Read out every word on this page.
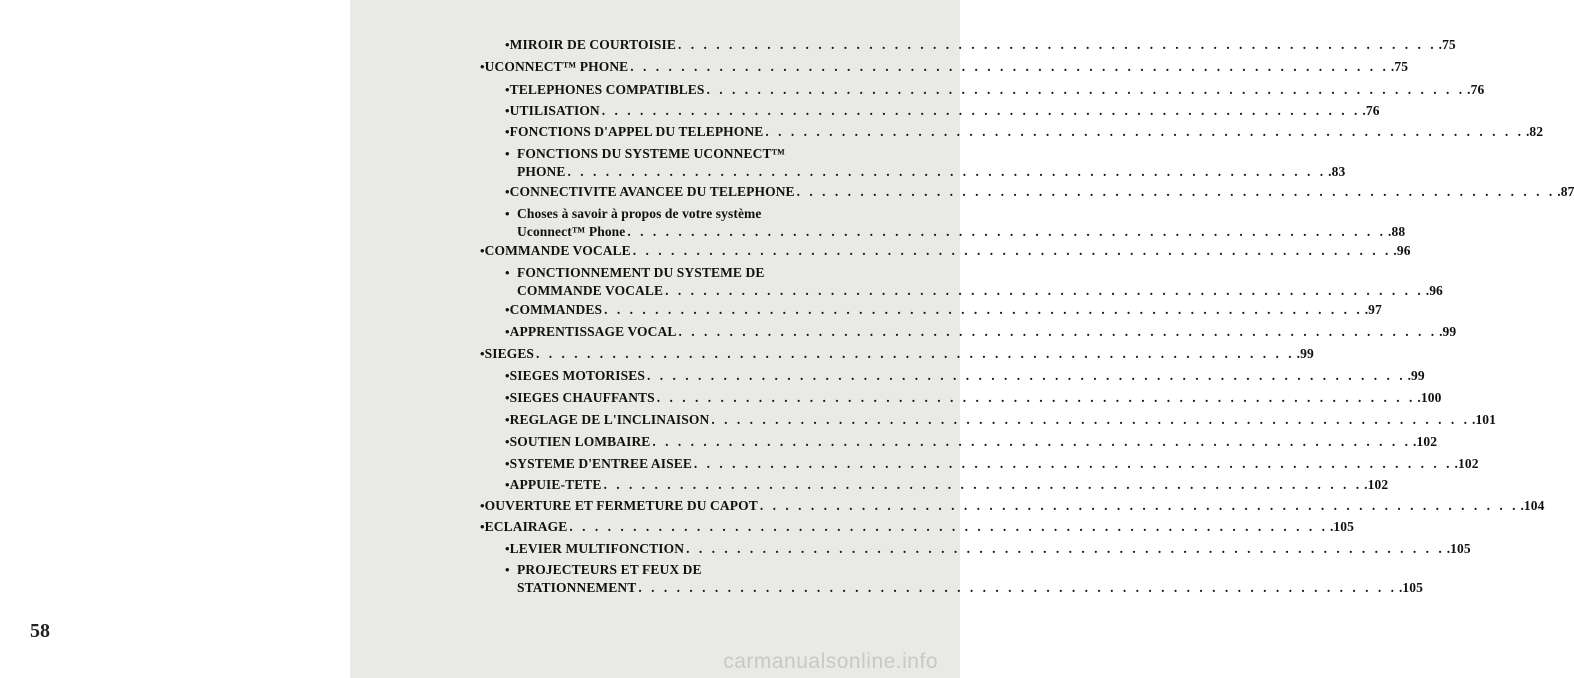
58
• MIROIR DE COURTOISIE . . . . . . . . . . . . . . . . . . . . . . . . . . . . . . . . . . . . . . . . . . . . . . . . . . . . . . . . . . . . .75
• UCONNECT™ PHONE . . . . . . . . . . . . . . . . . . . . . . . . . . . . . . . . . . . . . . . . . . . . . . . . . . . . . . . . . . . . .75
• TELEPHONES COMPATIBLES . . . . . . . . . . . . . . . . . . . . . . . . . . . . . . . . . . . . . . . . . . . . . . . . . . . . . . . . . . . . .76
• UTILISATION . . . . . . . . . . . . . . . . . . . . . . . . . . . . . . . . . . . . . . . . . . . . . . . . . . . . . . . . . . . . .76
• FONCTIONS D'APPEL DU TELEPHONE . . . . . . . . . . . . . . . . . . . . . . . . . . . . . . . . . . . . . . . . . . . . . . . . . . . . . . . . . . . . .82
• FONCTIONS DU SYSTEME UCONNECT™
PHONE . . . . . . . . . . . . . . . . . . . . . . . . . . . . . . . . . . . . . . . . . . . . . . . . . . . . . . . . . . . . .83
• CONNECTIVITE AVANCEE DU TELEPHONE . . . . . . . . . . . . . . . . . . . . . . . . . . . . . . . . . . . . . . . . . . . . . . . . . . . . . . . . . . . . .87
• Choses à savoir à propos de votre système
Uconnect™ Phone . . . . . . . . . . . . . . . . . . . . . . . . . . . . . . . . . . . . . . . . . . . . . . . . . . . . . . . . . . . . .88
• COMMANDE VOCALE . . . . . . . . . . . . . . . . . . . . . . . . . . . . . . . . . . . . . . . . . . . . . . . . . . . . . . . . . . . . .96
• FONCTIONNEMENT DU SYSTEME DE
COMMANDE VOCALE . . . . . . . . . . . . . . . . . . . . . . . . . . . . . . . . . . . . . . . . . . . . . . . . . . . . . . . . . . . . .96
• COMMANDES . . . . . . . . . . . . . . . . . . . . . . . . . . . . . . . . . . . . . . . . . . . . . . . . . . . . . . . . . . . . .97
• APPRENTISSAGE VOCAL . . . . . . . . . . . . . . . . . . . . . . . . . . . . . . . . . . . . . . . . . . . . . . . . . . . . . . . . . . . . .99
• SIEGES . . . . . . . . . . . . . . . . . . . . . . . . . . . . . . . . . . . . . . . . . . . . . . . . . . . . . . . . . . . . .99
• SIEGES MOTORISES . . . . . . . . . . . . . . . . . . . . . . . . . . . . . . . . . . . . . . . . . . . . . . . . . . . . . . . . . . . . .99
• SIEGES CHAUFFANTS . . . . . . . . . . . . . . . . . . . . . . . . . . . . . . . . . . . . . . . . . . . . . . . . . . . . . . . . . . . . .100
• REGLAGE DE L'INCLINAISON . . . . . . . . . . . . . . . . . . . . . . . . . . . . . . . . . . . . . . . . . . . . . . . . . . . . . . . . . . . . .101
• SOUTIEN LOMBAIRE . . . . . . . . . . . . . . . . . . . . . . . . . . . . . . . . . . . . . . . . . . . . . . . . . . . . . . . . . . . . .102
• SYSTEME D'ENTREE AISEE . . . . . . . . . . . . . . . . . . . . . . . . . . . . . . . . . . . . . . . . . . . . . . . . . . . . . . . . . . . . .102
• APPUIE-TETE . . . . . . . . . . . . . . . . . . . . . . . . . . . . . . . . . . . . . . . . . . . . . . . . . . . . . . . . . . . . .102
• OUVERTURE ET FERMETURE DU CAPOT . . . . . . . . . . . . . . . . . . . . . . . . . . . . . . . . . . . . . . . . . . . . . . . . . . . . . . . . . . . . .104
• ECLAIRAGE . . . . . . . . . . . . . . . . . . . . . . . . . . . . . . . . . . . . . . . . . . . . . . . . . . . . . . . . . . . . .105
• LEVIER MULTIFONCTION . . . . . . . . . . . . . . . . . . . . . . . . . . . . . . . . . . . . . . . . . . . . . . . . . . . . . . . . . . . . .105
• PROJECTEURS ET FEUX DE
STATIONNEMENT . . . . . . . . . . . . . . . . . . . . . . . . . . . . . . . . . . . . . . . . . . . . . . . . . . . . . . . . . . . . .105
carmanualsonline.info
